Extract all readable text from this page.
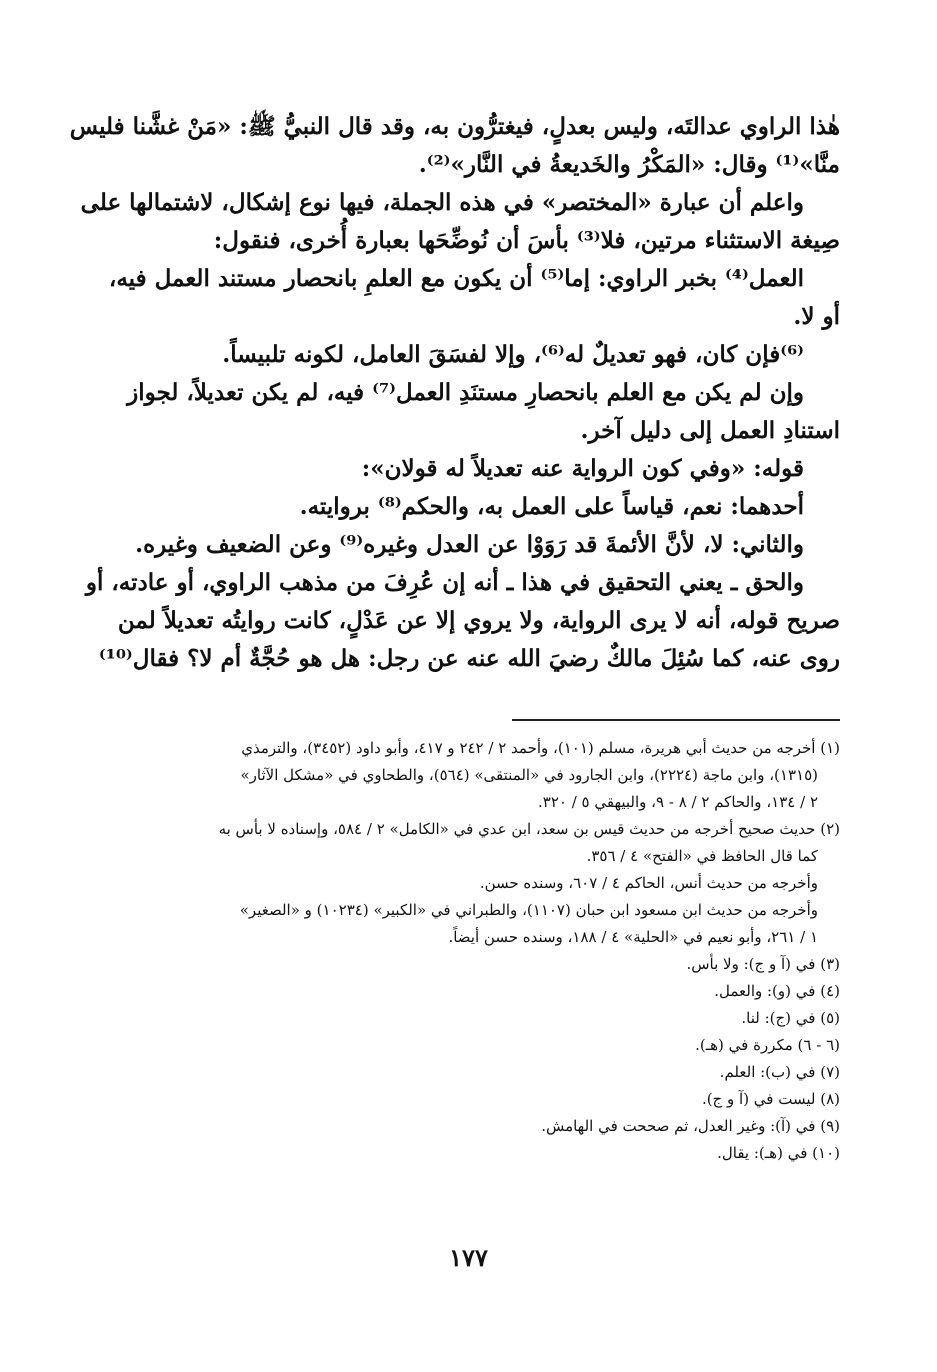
هٰذا الراوي عدالتَه، وليس بعدلٍ، فيغترُّون به، وقد قال النبيُّ ﷺ: «مَنْ غشَّنا فليس
منَّا»⁽¹⁾ وقال: «المَكْرُ والخَديعةُ في النَّار»⁽²⁾.
واعلم أن عبارة «المختصر» في هذه الجملة، فيها نوع إشكال، لاشتمالها على
صِيغة الاستثناء مرتين، فلا⁽³⁾ بأسَ أن نُوضِّحَها بعبارة أُخرى، فنقول:
العمل⁽⁴⁾ بخبر الراوي: إما⁽⁵⁾ أن يكون مع العلمِ بانحصار مستند العمل فيه،
أو لا.
⁽⁶⁾فإن كان، فهو تعديلٌ له⁽⁶⁾، وإلا لفسَقَ العامل، لكونه تلبيساً.
وإن لم يكن مع العلم بانحصارِ مستنَدِ العمل⁽⁷⁾ فيه، لم يكن تعديلاً، لجواز
استنادِ العمل إلى دليل آخر.
قوله: «وفي كون الرواية عنه تعديلاً له قولان»:
أحدهما: نعم، قياساً على العمل به، والحكم⁽⁸⁾ بروايته.
والثاني: لا، لأنَّ الأئمةَ قد رَوَوْا عن العدل وغيره⁽⁹⁾ وعن الضعيف وغيره.
والحق ـ يعني التحقيق في هذا ـ أنه إن عُرِفَ من مذهب الراوي، أو عادته، أو
صريح قوله، أنه لا يرى الرواية، ولا يروي إلا عن عَدْلٍ، كانت روايتُه تعديلاً لمن
روى عنه، كما سُئِلَ مالكٌ رضيَ الله عنه عن رجل: هل هو حُجَّةٌ أم لا؟ فقال⁽¹⁰⁾
(١) أخرجه من حديث أبي هريرة، مسلم (١٠١)، وأحمد ٢ / ٢٤٢ و ٤١٧، وأبو داود (٣٤٥٢)، والترمذي
(١٣١٥)، وابن ماجة (٢٢٢٤)، وابن الجارود في «المنتقى» (٥٦٤)، والطحاوي في «مشكل الآثار»
٢ / ١٣٤، والحاكم ٢ / ٨ - ٩، والبيهقي ٥ / ٣٢٠.
(٢) حديث صحيح أخرجه من حديث قيس بن سعد، ابن عدي في «الكامل» ٢ / ٥٨٤، وإسناده لا بأس به
كما قال الحافظ في «الفتح» ٤ / ٣٥٦.
وأخرجه من حديث أنس، الحاكم ٤ / ٦٠٧، وسنده حسن.
وأخرجه من حديث ابن مسعود ابن حبان (١١٠٧)، والطبراني في «الكبير» (١٠٢٣٤) و «الصغير»
١ / ٢٦١، وأبو نعيم في «الحلية» ٤ / ١٨٨، وسنده حسن أيضاً.
(٣) في (آ و ج): ولا بأس.
(٤) في (و): والعمل.
(٥) في (ج): لنا.
(٦ - ٦) مكررة في (هـ).
(٧) في (ب): العلم.
(٨) ليست في (آ و ج).
(٩) في (آ): وغير العدل، ثم صححت في الهامش.
(١٠) في (هـ): يقال.
١٧٧
